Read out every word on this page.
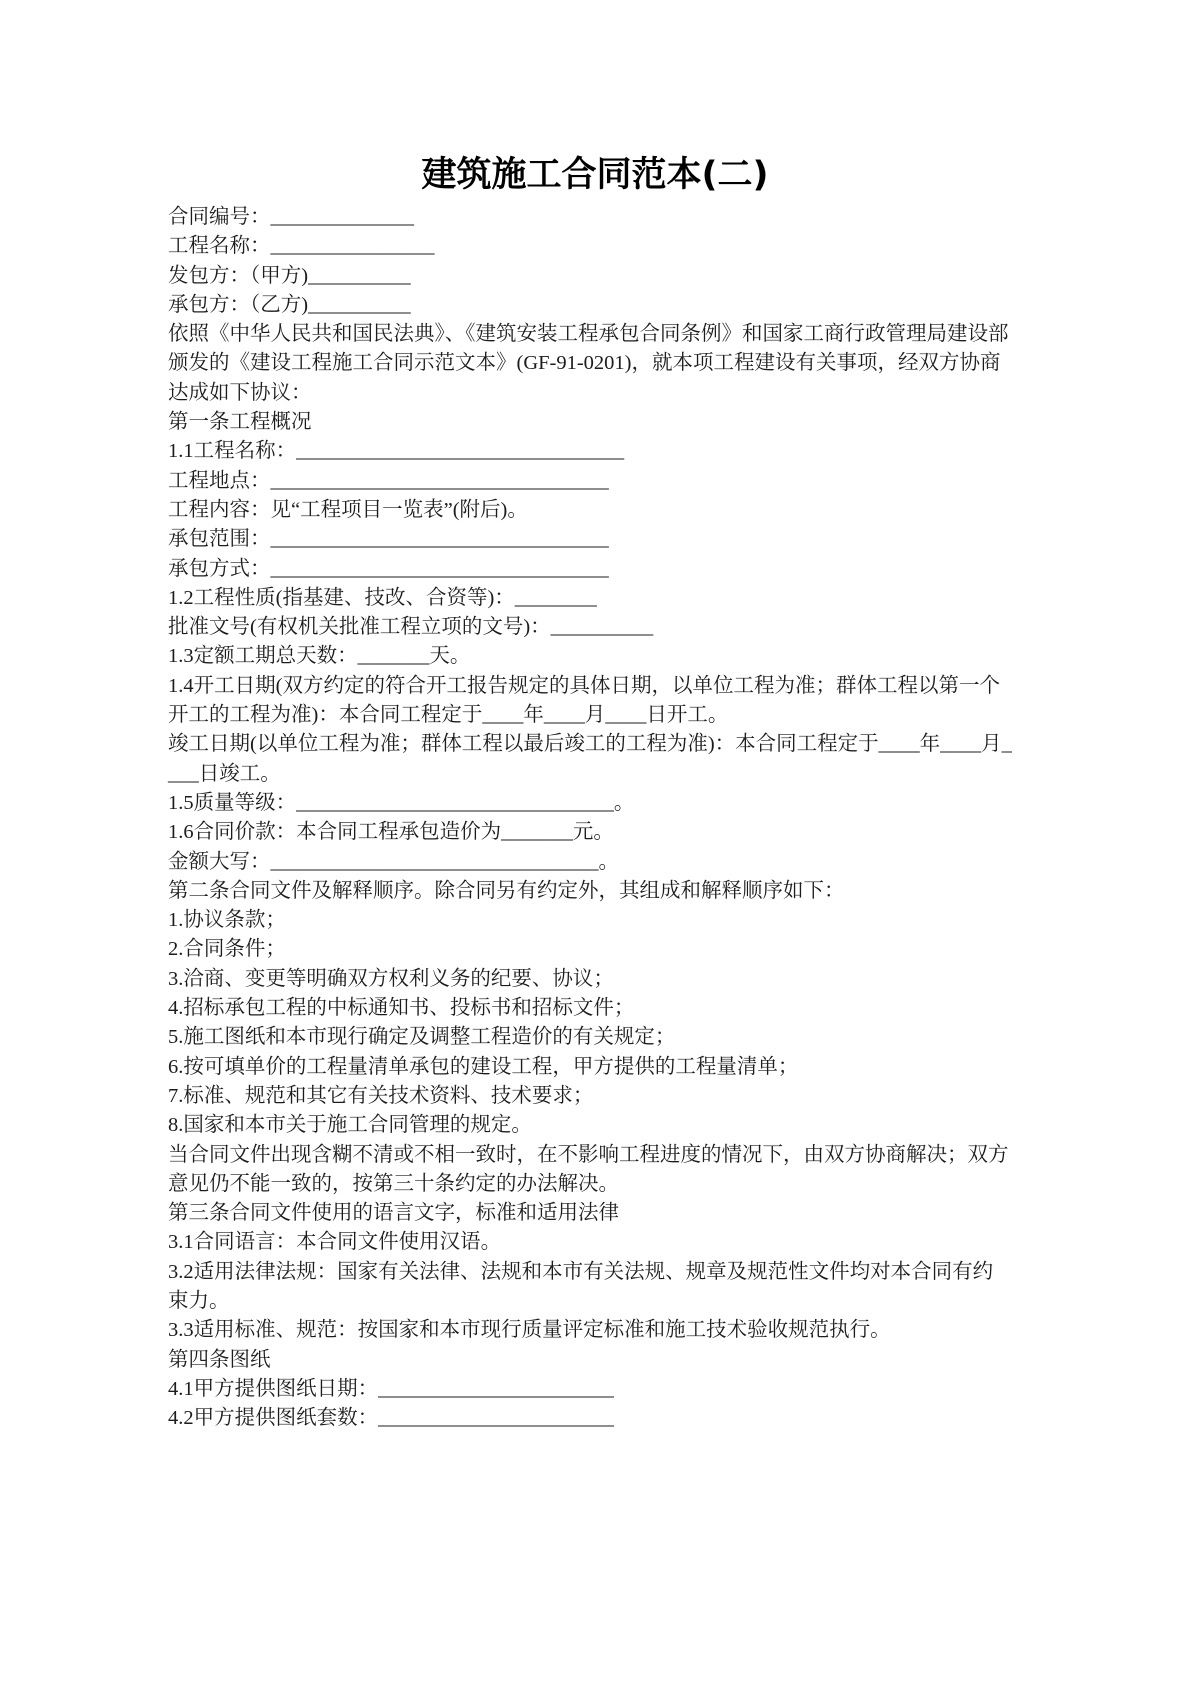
建筑施工合同范本(二)

合同编号：______________

工程名称：________________

发包方：（甲方)__________

承包方：（乙方)__________

依照《中华人民共和国民法典》、《建筑安装工程承包合同条例》和国家工商行政管理局建设部颁发的《建设工程施工合同示范文本》(GF-91-0201)，就本项工程建设有关事项，经双方协商达成如下协议：

第一条工程概况

1.1工程名称：________________________________

工程地点：_________________________________

工程内容：见“工程项目一览表”(附后)。

承包范围：_________________________________

承包方式：_________________________________

1.2工程性质(指基建、技改、合资等)：________

批准文号(有权机关批准工程立项的文号)：__________

1.3定额工期总天数：_______天。

1.4开工日期(双方约定的符合开工报告规定的具体日期，以单位工程为准；群体工程以第一个开工的工程为准)：本合同工程定于____年____月____日开工。

竣工日期(以单位工程为准；群体工程以最后竣工的工程为准)：本合同工程定于____年____月____日竣工。

1.5质量等级：_______________________________。

1.6合同价款：本合同工程承包造价为_______元。

金额大写：________________________________。

第二条合同文件及解释顺序。除合同另有约定外，其组成和解释顺序如下：

1.协议条款；

2.合同条件；

3.洽商、变更等明确双方权利义务的纪要、协议；

4.招标承包工程的中标通知书、投标书和招标文件；

5.施工图纸和本市现行确定及调整工程造价的有关规定；

6.按可填单价的工程量清单承包的建设工程，甲方提供的工程量清单；

7.标准、规范和其它有关技术资料、技术要求；

8.国家和本市关于施工合同管理的规定。

当合同文件出现含糊不清或不相一致时，在不影响工程进度的情况下，由双方协商解决；双方意见仍不能一致的，按第三十条约定的办法解决。

第三条合同文件使用的语言文字，标准和适用法律

3.1合同语言：本合同文件使用汉语。

3.2适用法律法规：国家有关法律、法规和本市有关法规、规章及规范性文件均对本合同有约束力。

3.3适用标准、规范：按国家和本市现行质量评定标准和施工技术验收规范执行。

第四条图纸

4.1甲方提供图纸日期：_______________________

4.2甲方提供图纸套数：_______________________
